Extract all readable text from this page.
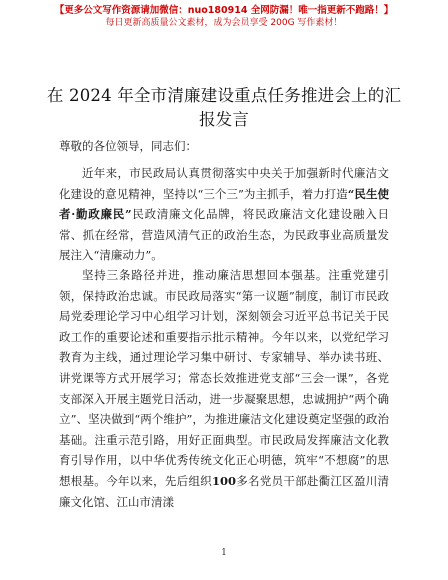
【更多公文写作资源请加微信：nuo180914 全网防漏！唯一指更新不跑路！】
每日更新高质量公文素材，成为会员享受 200G 写作素材！
在 2024 年全市清廉建设重点任务推进会上的汇报发言
尊敬的各位领导，同志们：

近年来，市民政局认真贯彻落实中央关于加强新时代廉洁文化建设的意见精神，坚持以“三个三”为主抓手，着力打造“民生使者·勤政廉民”民政清廉文化品牌，将民政廉洁文化建设融入日常、抓在经常，营造风清气正的政治生态，为民政事业高质量发展注入“清廉动力”。

坚持三条路径并进，推动廉洁思想回本强基。注重党建引领，保持政治忠诚。市民政局落实“第一议题”制度，制订市民政局党委理论学习中心组学习计划，深刻领会习近平总书记关于民政工作的重要论述和重要指示批示精神。今年以来，以党纪学习教育为主线，通过理论学习集中研讨、专家辅导、举办读书班、讲党课等方式开展学习；常态长效推进党支部“三会一课”，各党支部深入开展主题党日活动，进一步凝聚思想，忠诚拥护“两个确立”、坚决做到“两个维护”，为推进廉洁文化建设奠定坚强的政治基础。注重示范引路，用好正面典型。市民政局发挥廉洁文化教育引导作用，以中华优秀传统文化正心明德，筑牢“不想腐”的思想根基。今年以来，先后组织100多名党员干部赴衢江区盈川清廉文化馆、江山市清漾

1
